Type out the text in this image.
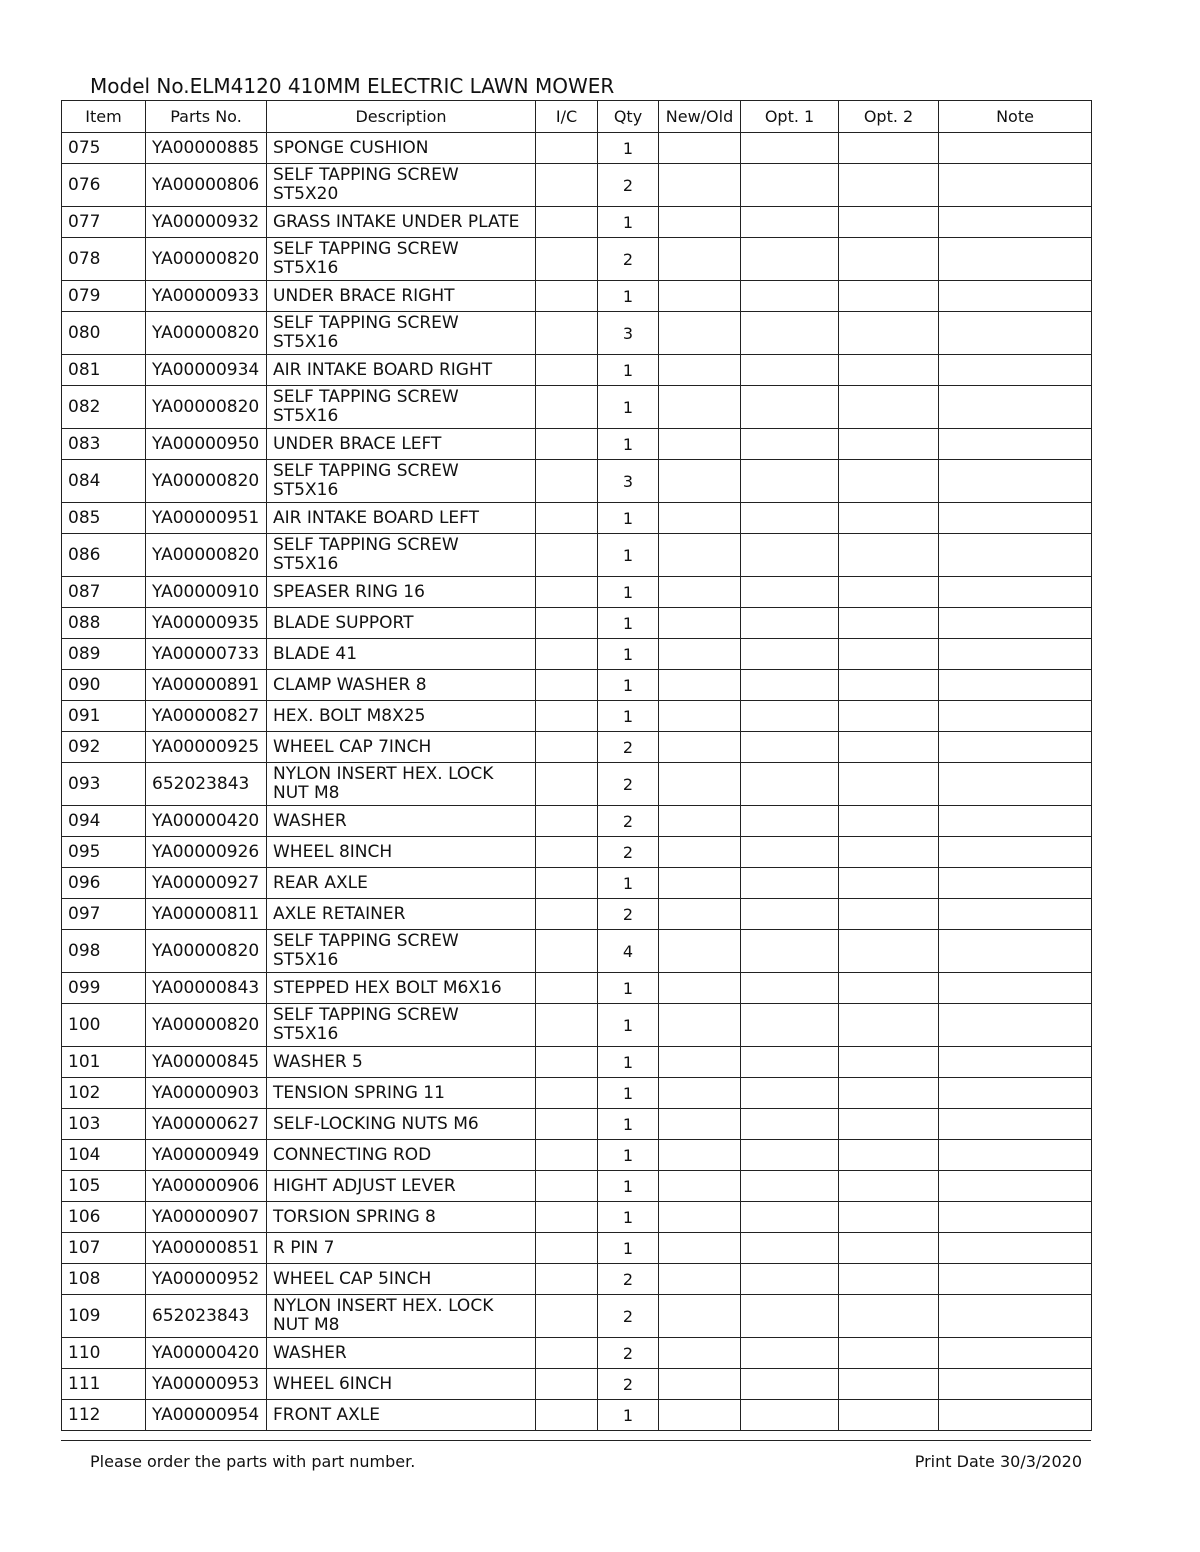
Model No.ELM4120 410MM ELECTRIC LAWN MOWER
Item	Parts No.	Description	I/C	Qty	New/Old	Opt. 1	Opt. 2	Note
075	YA00000885	SPONGE CUSHION		1				
076	YA00000806	SELF TAPPING SCREW ST5X20		2				
077	YA00000932	GRASS INTAKE UNDER PLATE		1				
078	YA00000820	SELF TAPPING SCREW ST5X16		2				
079	YA00000933	UNDER BRACE RIGHT		1				
080	YA00000820	SELF TAPPING SCREW ST5X16		3				
081	YA00000934	AIR INTAKE BOARD RIGHT		1				
082	YA00000820	SELF TAPPING SCREW ST5X16		1				
083	YA00000950	UNDER BRACE LEFT		1				
084	YA00000820	SELF TAPPING SCREW ST5X16		3				
085	YA00000951	AIR INTAKE BOARD LEFT		1				
086	YA00000820	SELF TAPPING SCREW ST5X16		1				
087	YA00000910	SPEASER RING 16		1				
088	YA00000935	BLADE SUPPORT		1				
089	YA00000733	BLADE 41		1				
090	YA00000891	CLAMP WASHER 8		1				
091	YA00000827	HEX. BOLT M8X25		1				
092	YA00000925	WHEEL CAP 7INCH		2				
093	652023843	NYLON INSERT HEX. LOCK NUT M8		2				
094	YA00000420	WASHER		2				
095	YA00000926	WHEEL 8INCH		2				
096	YA00000927	REAR AXLE		1				
097	YA00000811	AXLE RETAINER		2				
098	YA00000820	SELF TAPPING SCREW ST5X16		4				
099	YA00000843	STEPPED HEX BOLT M6X16		1				
100	YA00000820	SELF TAPPING SCREW ST5X16		1				
101	YA00000845	WASHER 5		1				
102	YA00000903	TENSION SPRING 11		1				
103	YA00000627	SELF-LOCKING NUTS M6		1				
104	YA00000949	CONNECTING ROD		1				
105	YA00000906	HIGHT ADJUST LEVER		1				
106	YA00000907	TORSION SPRING 8		1				
107	YA00000851	R PIN 7		1				
108	YA00000952	WHEEL CAP 5INCH		2				
109	652023843	NYLON INSERT HEX. LOCK NUT M8		2				
110	YA00000420	WASHER		2				
111	YA00000953	WHEEL 6INCH		2				
112	YA00000954	FRONT AXLE		1				
Please order the parts with part number.	Print Date 30/3/2020
